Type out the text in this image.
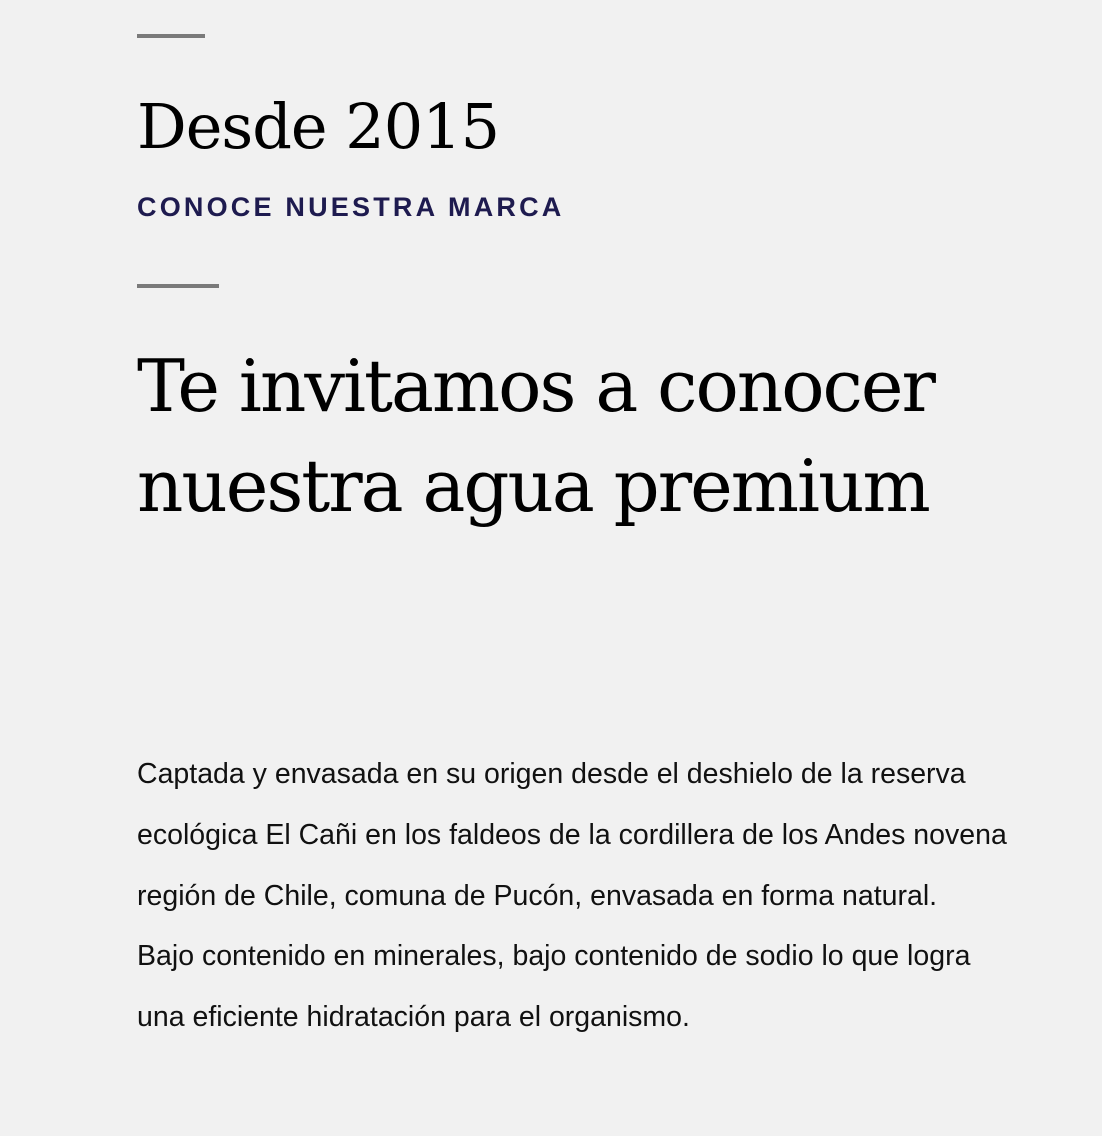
Desde 2015

CONOCE NUESTRA MARCA

Te invitamos a conocer
nuestra agua premium

Captada y envasada en su origen desde el deshielo de la reserva
ecológica El Cañi en los faldeos de la cordillera de los Andes novena
región de Chile, comuna de Pucón, envasada en forma natural.
Bajo contenido en minerales, bajo contenido de sodio lo que logra
una eficiente hidratación para el organismo.
